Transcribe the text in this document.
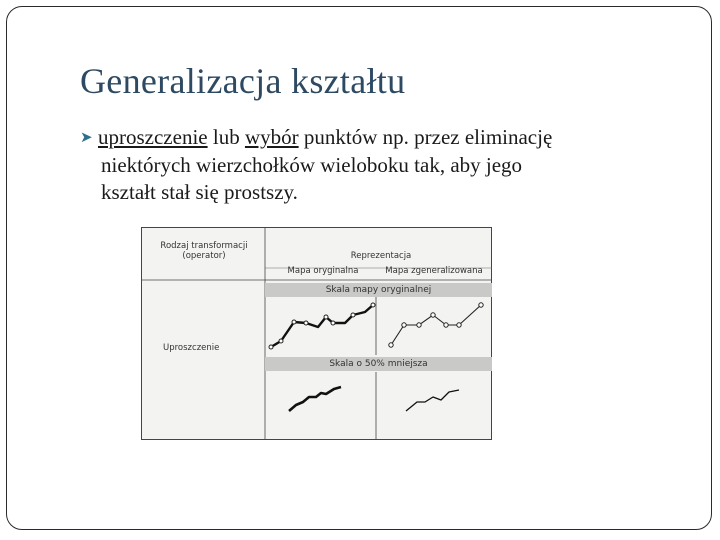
Generalizacja kształtu
➤ uproszczenie lub wybór punktów np. przez eliminację
niektórych wierzchołków wieloboku tak, aby jego
kształt stał się prostszy.
Rodzaj transformacji (operator)	Reprezentacja
Mapa oryginalna	Mapa zgeneralizowana
Skala mapy oryginalnej
Skala o 50% mniejsza
Uproszczenie
